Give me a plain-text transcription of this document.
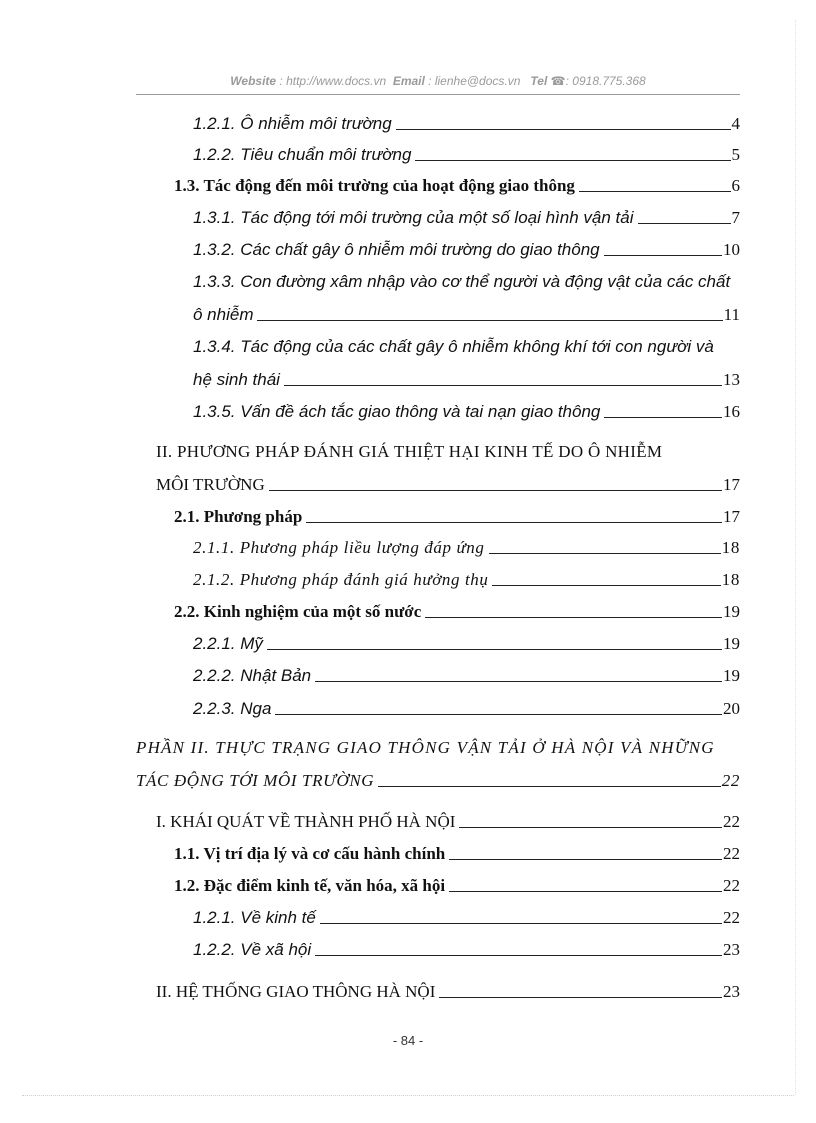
Website : http://www.docs.vn Email : lienhe@docs.vn Tel ☎: 0918.775.368
1.2.1. Ô nhiễm môi trường	4
1.2.2. Tiêu chuẩn môi trường	5
1.3. Tác động đến môi trường của hoạt động giao thông	6
1.3.1. Tác động tới môi trường của một số loại hình vận tải	7
1.3.2. Các chất gây ô nhiễm môi trường do giao thông	10
1.3.3. Con đường xâm nhập vào cơ thể người và động vật của các chất
ô nhiễm	11
1.3.4. Tác động của các chất gây ô nhiễm không khí tới con người và
hệ sinh thái	13
1.3.5. Vấn đề ách tắc giao thông và tai nạn giao thông	16
II. PHƯƠNG PHÁP ĐÁNH GIÁ THIỆT HẠI KINH TẾ DO Ô NHIỄM
MÔI TRƯỜNG	17
2.1. Phương pháp	17
2.1.1. Phương pháp liều lượng đáp ứng	18
2.1.2. Phương pháp đánh giá hưởng thụ	18
2.2. Kinh nghiệm của một số nước	19
2.2.1. Mỹ	19
2.2.2. Nhật Bản	19
2.2.3. Nga	20
PHẦN II. THỰC TRẠNG GIAO THÔNG VẬN TẢI Ở HÀ NỘI VÀ NHỮNG
TÁC ĐỘNG TỚI MÔI TRƯỜNG	22
I. KHÁI QUÁT VỀ THÀNH PHỐ HÀ NỘI	22
1.1. Vị trí địa lý và cơ cấu hành chính	22
1.2. Đặc điểm kinh tế, văn hóa, xã hội	22
1.2.1. Về kinh tế	22
1.2.2. Về xã hội	23
II. HỆ THỐNG GIAO THÔNG HÀ NỘI	23
- 84 -
